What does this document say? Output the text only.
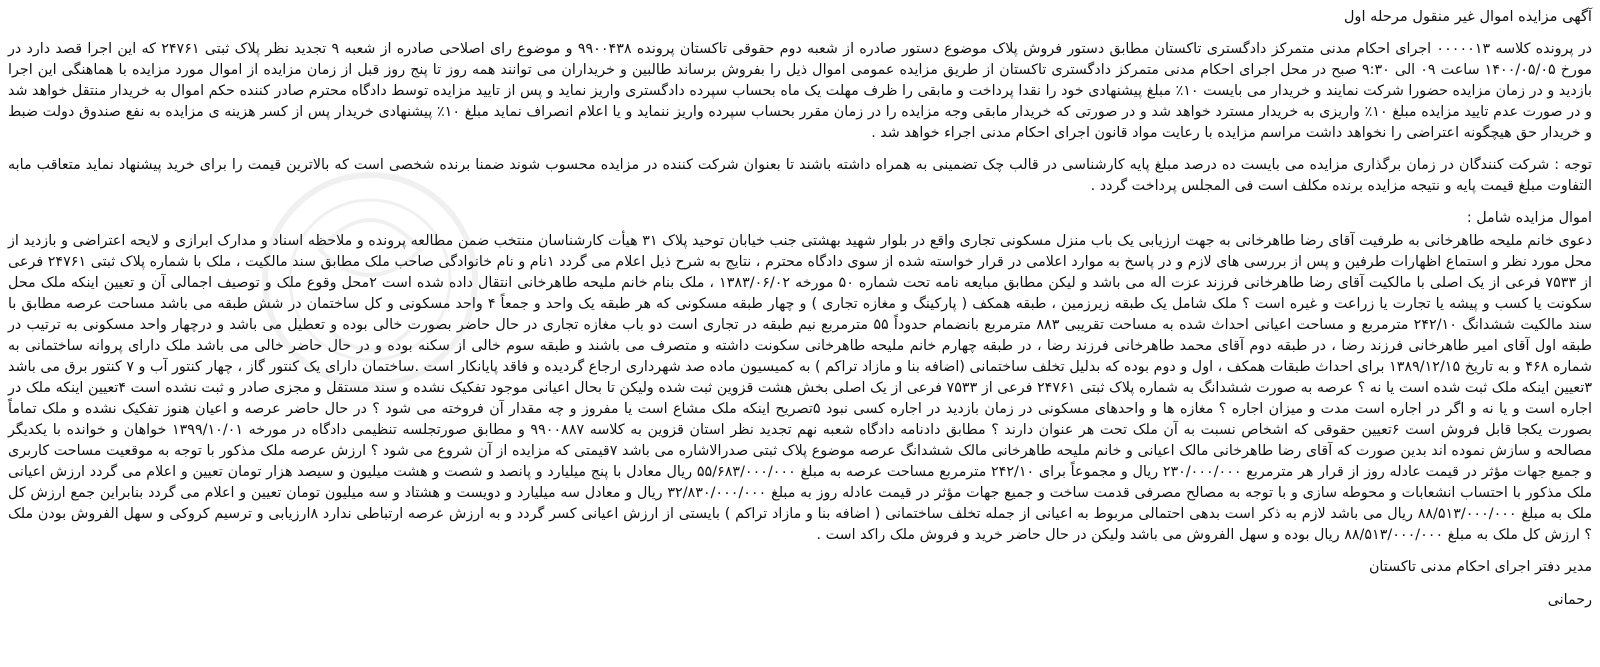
آگهی مزایده اموال غیر منقول مرحله اول

در پرونده کلاسه ۰۰۰۰۰۱۳ اجرای احکام مدنی متمرکز دادگستری تاکستان مطابق دستور فروش پلاک موضوع دستور صادره از شعبه دوم حقوقی تاکستان پرونده ۹۹۰۰۴۳۸ و موضوع رای اصلاحی صادره از شعبه ۹ تجدید نظر پلاک ثبتی ۲۴۷۶۱ که این اجرا قصد دارد در مورخ ۱۴۰۰/۰۵/۰۵ ساعت ۰۹ الی ۹:۳۰ صبح در محل اجرای احکام مدنی متمرکز دادگستری تاکستان از طریق مزایده عمومی اموال ذیل را بفروش برساند طالبین و خریداران می توانند همه روز تا پنج روز قبل از زمان مزایده از اموال مورد مزایده با هماهنگی این اجرا بازدید و در زمان مزایده حضورا شرکت نمایند و خریدار می بایست ۱۰٪ مبلغ پیشنهادی خود را نقدا پرداخت و مابقی را ظرف مهلت یک ماه بحساب سپرده دادگستری واریز نماید و پس از تایید مزایده توسط دادگاه محترم صادر کننده حکم اموال به خریدار منتقل خواهد شد و در صورت عدم تایید مزایده مبلغ ۱۰٪ واریزی به خریدار مسترد خواهد شد و در صورتی که خریدار مابقی وجه مزایده را در زمان مقرر بحساب سپرده واریز ننماید و یا اعلام انصراف نماید مبلغ ۱۰٪ پیشنهادی خریدار پس از کسر هزینه ی مزایده به نفع صندوق دولت ضبط و خریدار حق هیچگونه اعتراضی را نخواهد داشت مراسم مزایده با رعایت مواد قانون اجرای احکام مدنی اجراء خواهد شد .

توجه : شرکت کنندگان در زمان برگذاری مزایده می بایست ده درصد مبلغ پایه کارشناسی در قالب چک تضمینی به همراه داشته باشند تا بعنوان شرکت کننده در مزایده محسوب شوند ضمنا برنده شخصی است که بالاترین قیمت را برای خرید پیشنهاد نماید متعاقب مابه التفاوت مبلغ قیمت پایه و نتیجه مزایده برنده مکلف است فی المجلس پرداخت گردد .

اموال مزایده شامل :

دعوی خانم ملیحه طاهرخانی به طرفیت آقای رضا طاهرخانی به جهت ارزیابی یک باب منزل مسکونی تجاری واقع در بلوار شهید بهشتی جنب خیابان توحید پلاک ۳۱ هیأت کارشناسان منتخب ضمن مطالعه پرونده و ملاحظه اسناد و مدارک ابرازی و لایحه اعتراضی و بازدید از محل مورد نظر و استماع اظهارات طرفین و پس از بررسی های لازم و در پاسخ به موارد اعلامی در قرار خواسته شده از سوی دادگاه محترم ، نتایج به شرح ذیل اعلام می گردد ۱نام و نام خانوادگی صاحب ملک مطابق سند مالکیت ، ملک با شماره پلاک ثبتی ۲۴۷۶۱ فرعی از ۷۵۳۳ فرعی از یک اصلی با مالکیت آقای رضا طاهرخانی فرزند عزت اله می باشد و لیکن مطابق مبایعه نامه تحت شماره ۵۰ مورخه ۱۳۸۳/۰۶/۰۲ ، ملک بنام خانم ملیحه طاهرخانی انتقال داده شده است ۲محل وقوع ملک و توصیف اجمالی آن و تعیین اینکه ملک محل سکونت یا کسب و پیشه یا تجارت یا زراعت و غیره است ؟ ملک شامل یک طبقه زیرزمین ، طبقه همکف ( پارکینگ و مغازه تجاری ) و چهار طبقه مسکونی که هر طبقه یک واحد و جمعاً ۴ واحد مسکونی و کل ساختمان در شش طبقه می باشد مساحت عرصه مطابق با سند مالکیت ششدانگ ۲۴۲/۱۰ مترمربع و مساحت اعیانی احداث شده به مساحت تقریبی ۸۸۳ مترمربع بانضمام حدوداً ۵۵ مترمربع نیم طبقه در تجاری است دو باب مغازه تجاری در حال حاضر بصورت خالی بوده و تعطیل می باشد و درچهار واحد مسکونی به ترتیب در طبقه اول آقای امیر طاهرخانی فرزند رضا ، در طبقه دوم آقای محمد طاهرخانی فرزند رضا ، در طبقه چهارم خانم ملیحه طاهرخانی سکونت داشته و متصرف می باشند و طبقه سوم خالی از سکنه بوده و در حال حاضر خالی می باشد ملک دارای پروانه ساختمانی به شماره ۴۶۸ و به تاریخ ۱۳۸۹/۱۲/۱۵ برای احداث طبقات همکف ، اول و دوم بوده که بدلیل تخلف ساختمانی (اضافه بنا و مازاد تراکم ) به کمیسیون ماده صد شهرداری ارجاع گردیده و فاقد پایانکار است .ساختمان دارای یک کنتور گاز ، چهار کنتور آب و ۷ کنتور برق می باشد ۳تعیین اینکه ملک ثبت شده است یا نه ؟ عرصه به صورت ششدانگ به شماره پلاک ثبتی ۲۴۷۶۱ فرعی از ۷۵۳۳ فرعی از یک اصلی بخش هشت قزوین ثبت شده ولیکن تا بحال اعیانی موجود تفکیک نشده و سند مستقل و مجزی صادر و ثبت نشده است ۴تعیین اینکه ملک در اجاره است و یا نه و اگر در اجاره است مدت و میزان اجاره ؟ مغازه ها و واحدهای مسکونی در زمان بازدید در اجاره کسی نبود ۵تصریح اینکه ملک مشاع است یا مفروز و چه مقدار آن فروخته می شود ؟ در حال حاضر عرصه و اعیان هنوز تفکیک نشده و ملک تماماً بصورت یکجا قابل فروش است ۶تعیین حقوقی که اشخاص نسبت به آن ملک تحت هر عنوان دارند ؟ مطابق دادنامه دادگاه شعبه نهم تجدید نظر استان قزوین به کلاسه ۹۹۰۰۸۸۷ و مطابق صورتجلسه تنظیمی دادگاه در مورخه ۱۳۹۹/۱۰/۰۱ خواهان و خوانده با یکدیگر مصالحه و سازش نموده اند بدین صورت که آقای رضا طاهرخانی مالک اعیانی و خانم ملیحه طاهرخانی مالک ششدانگ عرصه موضوع پلاک ثبتی صدرالاشاره می باشد ۷قیمتی که مزایده از آن شروع می شود ؟ ارزش عرصه ملک مذکور با توجه به موقعیت مساحت کاربری و جمیع جهات مؤثر در قیمت عادله روز از قرار هر مترمربع ۲۳۰/۰۰۰/۰۰۰ ریال و مجموعاً برای ۲۴۲/۱۰ مترمربع مساحت عرصه به مبلغ ۵۵/۶۸۳/۰۰۰/۰۰۰ ریال معادل با پنج میلیارد و پانصد و شصت و هشت میلیون و سیصد هزار تومان تعیین و اعلام می گردد ارزش اعیانی ملک مذکور با احتساب انشعابات و محوطه سازی و با توجه به مصالح مصرفی قدمت ساخت و جمیع جهات مؤثر در قیمت عادله روز به مبلغ ۳۲/۸۳۰/۰۰۰/۰۰۰ ریال و معادل سه میلیارد و دویست و هشتاد و سه میلیون تومان تعیین و اعلام می گردد بنابراین جمع ارزش کل ملک به مبلغ ۸۸/۵۱۳/۰۰۰/۰۰۰ ریال می باشد لازم به ذکر است بدهی احتمالی مربوط به اعیانی از جمله تخلف ساختمانی ( اضافه بنا و مازاد تراکم ) بایستی از ارزش اعیانی کسر گردد و به ارزش عرصه ارتباطی ندارد ۸ارزیابی و ترسیم کروکی و سهل الفروش بودن ملک ؟ ارزش کل ملک به مبلغ ۸۸/۵۱۳/۰۰۰/۰۰۰ ریال بوده و سهل الفروش می باشد ولیکن در حال حاضر خرید و فروش ملک راکد است .

مدیر دفتر اجرای احکام مدنی تاکستان

رحمانی
